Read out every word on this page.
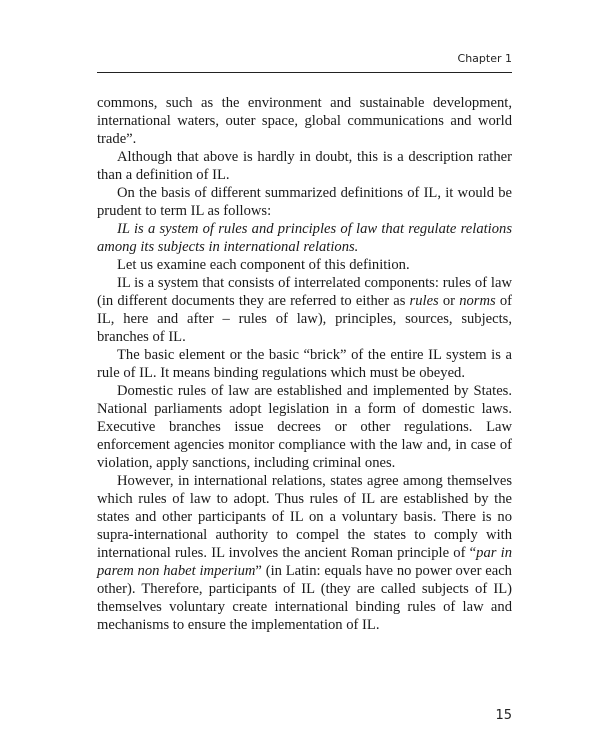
Chapter 1

commons, such as the environment and sustainable development, international waters, outer space, global communications and world trade”.

Although that above is hardly in doubt, this is a description rather than a definition of IL.

On the basis of different summarized definitions of IL, it would be prudent to term IL as follows:

IL is a system of rules and principles of law that regulate relations among its subjects in international relations.

Let us examine each component of this definition.

IL is a system that consists of interrelated components: rules of law (in different documents they are referred to either as rules or norms of IL, here and after – rules of law), principles, sources, subjects, branches of IL.

The basic element or the basic “brick” of the entire IL system is a rule of IL. It means binding regulations which must be obeyed.

Domestic rules of law are established and implemented by States. National parliaments adopt legislation in a form of domestic laws. Executive branches issue decrees or other regulations. Law enforcement agencies monitor compliance with the law and, in case of violation, apply sanctions, including criminal ones.

However, in international relations, states agree among themselves which rules of law to adopt. Thus rules of IL are established by the states and other participants of IL on a voluntary basis. There is no supra-international authority to compel the states to comply with international rules. IL involves the ancient Roman principle of “par in parem non habet imperium” (in Latin: equals have no power over each other). Therefore, participants of IL (they are called subjects of IL) themselves voluntary create international binding rules of law and mechanisms to ensure the implementation of IL.

15
